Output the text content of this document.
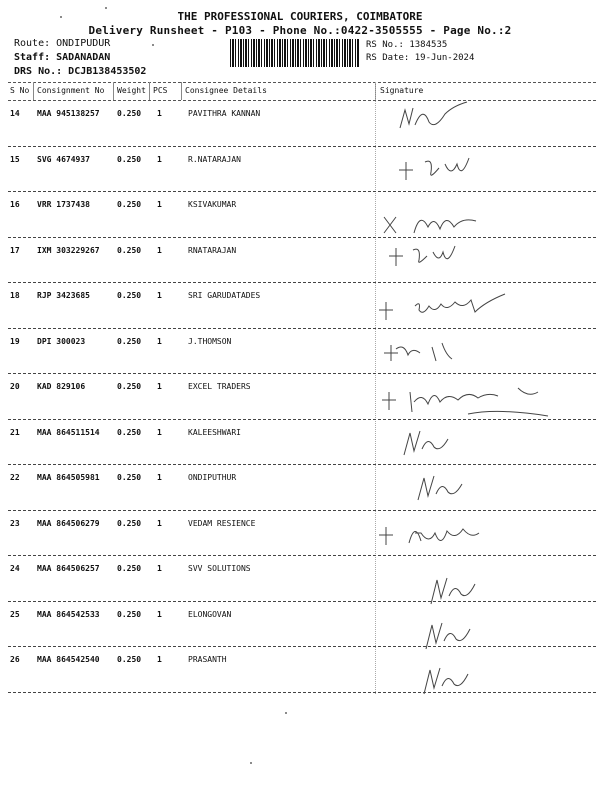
THE PROFESSIONAL COURIERS, COIMBATORE
Delivery Runsheet - P103 - Phone No.:0422-3505555 - Page No.:2
Route: ONDIPUDUR
Staff: SADANADAN
DRS No.: DCJB138453502
RS No.: 1384535
RS Date: 19-Jun-2024
S No Consignment No Weight PCS Consignee Details	Signature
14 MAA 945138257 0.250 1	PAVITHRA KANNAN
15 SVG 4674937	0.250 1	R.NATARAJAN
16 VRR 1737438	0.250 1	KSIVAKUMAR
17 IXM 303229267 0.250 1	RNATARAJAN
18 RJP 3423685	0.250 1	SRI GARUDATADES
19 DPI 300023	0.250 1	J.THOMSON
20 KAD 829106	0.250 1	EXCEL TRADERS
21 MAA 864511514 0.250 1	KALEESHWARI
22 MAA 864505981 0.250 1	ONDIPUTHUR
23 MAA 864506279 0.250 1	VEDAM RESIENCE
24 MAA 864506257 0.250 1	SVV SOLUTIONS
25 MAA 864542533 0.250 1	ELONGOVAN
26 MAA 864542540 0.250 1	PRASANTH
